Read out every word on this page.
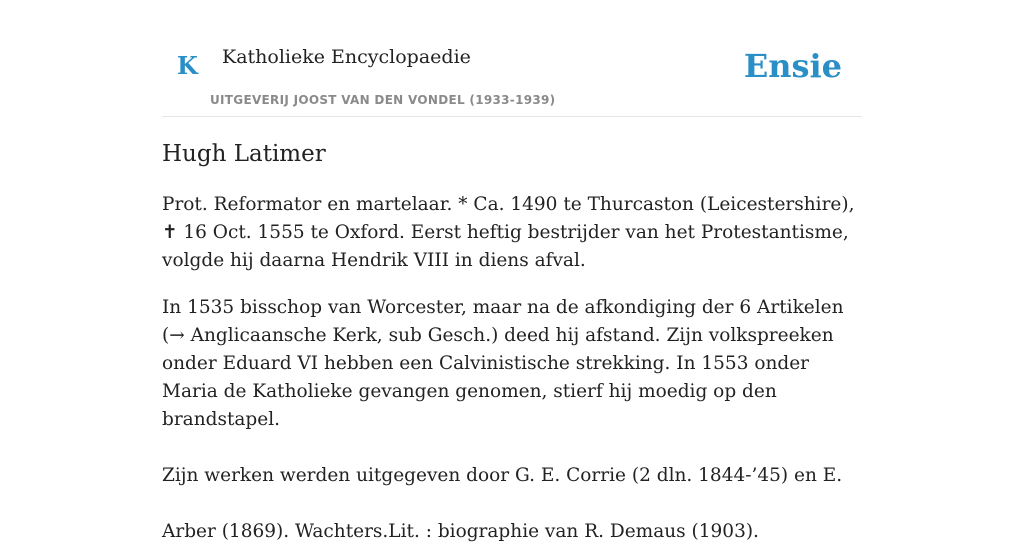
K Katholieke Encyclopaedie
UITGEVERIJ JOOST VAN DEN VONDEL (1933-1939)
Ensie
Hugh Latimer

Prot. Reformator en martelaar. * Ca. 1490 te Thurcaston (Leicestershire), ✝ 16 Oct. 1555 te Oxford. Eerst heftig bestrijder van het Protestantisme, volgde hij daarna Hendrik VIII in diens afval.

In 1535 bisschop van Worcester, maar na de afkondiging der 6 Artikelen (→ Anglicaansche Kerk, sub Gesch.) deed hij afstand. Zijn volkspreeken onder Eduard VI hebben een Calvinistische strekking. In 1553 onder Maria de Katholieke gevangen genomen, stierf hij moedig op den brandstapel.

Zijn werken werden uitgegeven door G. E. Corrie (2 dln. 1844-’45) en E.

Arber (1869). Wachters.Lit. : biographie van R. Demaus (1903).
